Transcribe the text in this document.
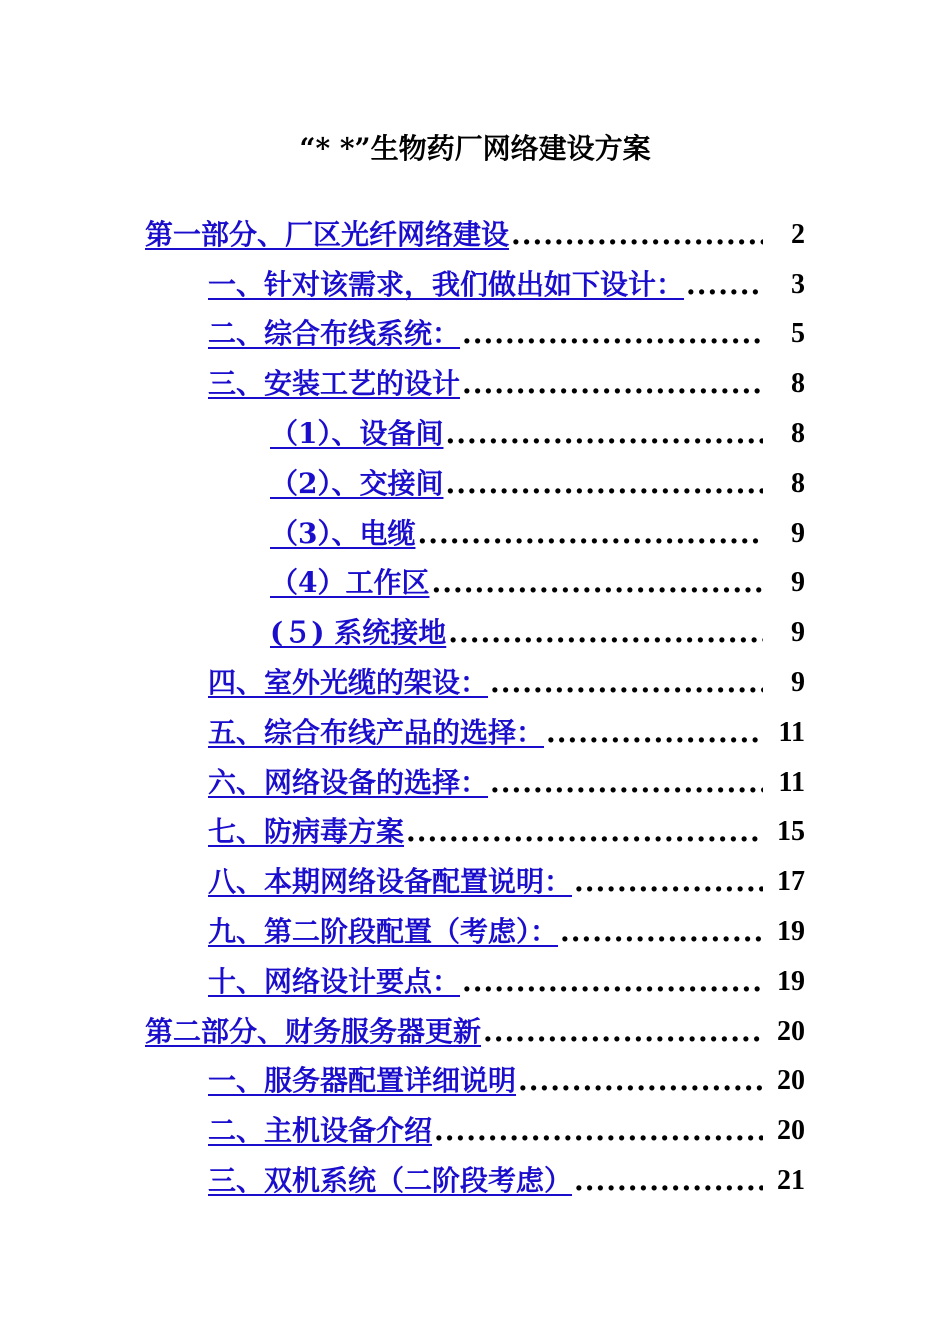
“* *”生物药厂网络建设方案
第一部分、厂区光纤网络建设 .....	2
一、针对该需求，我们做出如下设计： .....	3
二、综合布线系统： .....	5
三、安装工艺的设计 .....	8
（1）、设备间 .....	8
（2）、交接间 .....	8
（3）、电缆 .....	9
（4）工作区 .....	9
(５) 系统接地 .....	9
四、室外光缆的架设： .....	9
五、综合布线产品的选择： .....	11
六、网络设备的选择： .....	11
七、防病毒方案 .....	15
八、本期网络设备配置说明： .....	17
九、第二阶段配置（考虑）： .....	19
十、网络设计要点： .....	19
第二部分、财务服务器更新 .....	20
一、服务器配置详细说明 .....	20
二、主机设备介绍 .....	20
三、双机系统（二阶段考虑） .....	21
